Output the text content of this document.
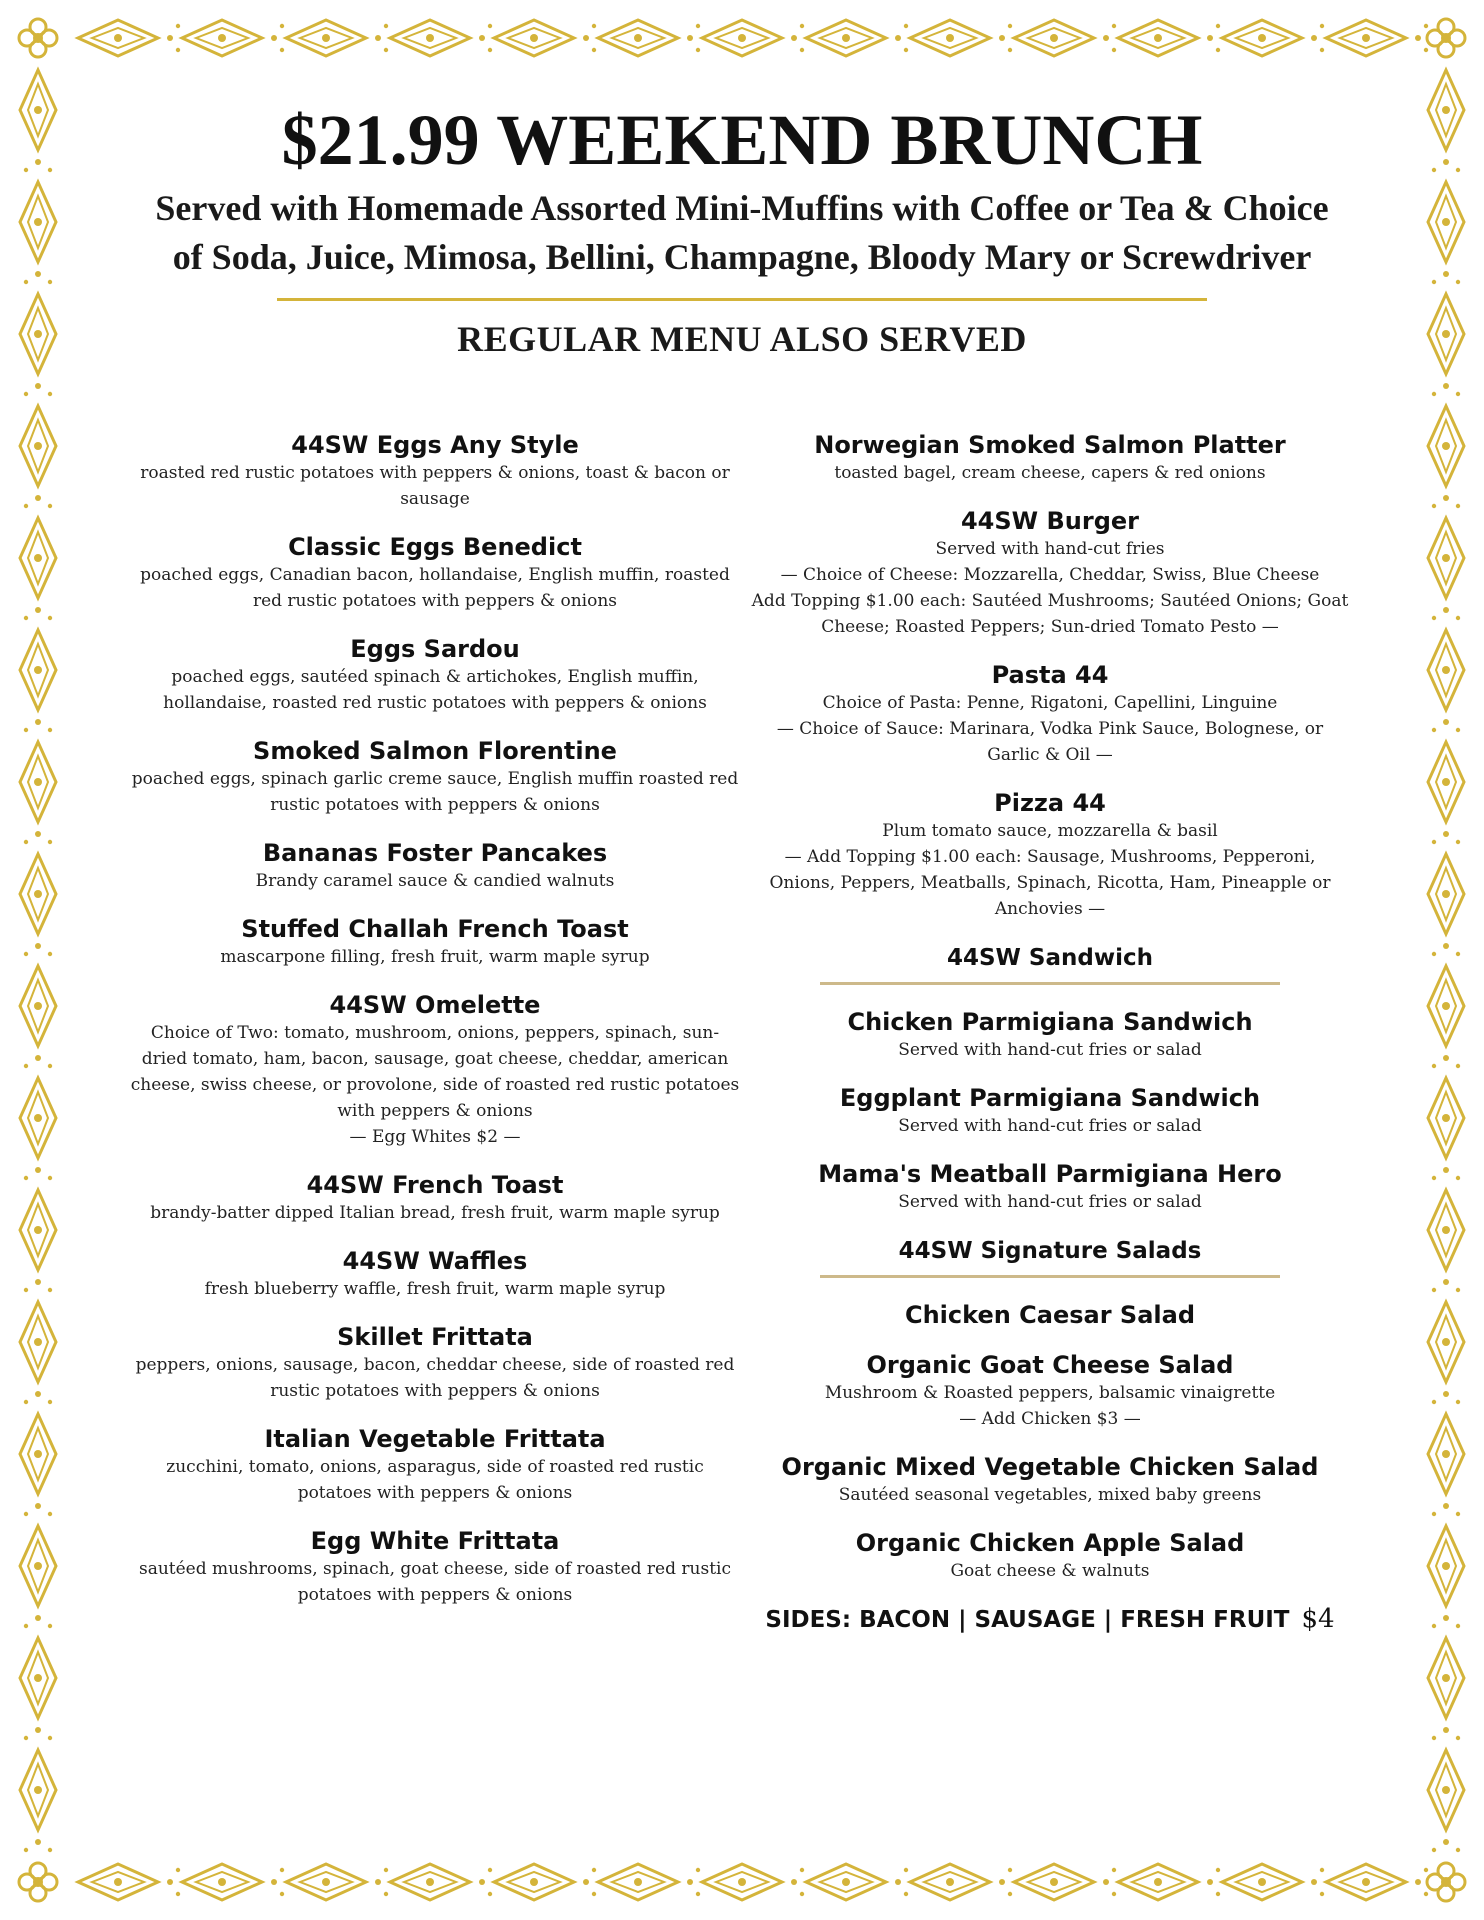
$21.99 WEEKEND BRUNCH
Served with Homemade Assorted Mini-Muffins with Coffee or Tea & Choice of Soda, Juice, Mimosa, Bellini, Champagne, Bloody Mary or Screwdriver
REGULAR MENU ALSO SERVED
44SW Eggs Any Style
roasted red rustic potatoes with peppers & onions, toast & bacon or sausage
Classic Eggs Benedict
poached eggs, Canadian bacon, hollandaise, English muffin, roasted red rustic potatoes with peppers & onions
Eggs Sardou
poached eggs, sautéed spinach & artichokes, English muffin, hollandaise, roasted red rustic potatoes with peppers & onions
Smoked Salmon Florentine
poached eggs, spinach garlic creme sauce, English muffin roasted red rustic potatoes with peppers & onions
Bananas Foster Pancakes
Brandy caramel sauce & candied walnuts
Stuffed Challah French Toast
mascarpone filling, fresh fruit, warm maple syrup
44SW Omelette
Choice of Two: tomato, mushroom, onions, peppers, spinach, sun-dried tomato, ham, bacon, sausage, goat cheese, cheddar, american cheese, swiss cheese, or provolone, side of roasted red rustic potatoes with peppers & onions
— Egg Whites $2 —
44SW French Toast
brandy-batter dipped Italian bread, fresh fruit, warm maple syrup
44SW Waffles
fresh blueberry waffle, fresh fruit, warm maple syrup
Skillet Frittata
peppers, onions, sausage, bacon, cheddar cheese, side of roasted red rustic potatoes with peppers & onions
Italian Vegetable Frittata
zucchini, tomato, onions, asparagus, side of roasted red rustic potatoes with peppers & onions
Egg White Frittata
sautéed mushrooms, spinach, goat cheese, side of roasted red rustic potatoes with peppers & onions
Norwegian Smoked Salmon Platter
toasted bagel, cream cheese, capers & red onions
44SW Burger
Served with hand-cut fries
— Choice of Cheese: Mozzarella, Cheddar, Swiss, Blue Cheese
Add Topping $1.00 each: Sautéed Mushrooms; Sautéed Onions; Goat Cheese; Roasted Peppers; Sun-dried Tomato Pesto —
Pasta 44
Choice of Pasta: Penne, Rigatoni, Capellini, Linguine
— Choice of Sauce: Marinara, Vodka Pink Sauce, Bolognese, or Garlic & Oil —
Pizza 44
Plum tomato sauce, mozzarella & basil
— Add Topping $1.00 each: Sausage, Mushrooms, Pepperoni, Onions, Peppers, Meatballs, Spinach, Ricotta, Ham, Pineapple or Anchovies —
44SW Sandwich
Chicken Parmigiana Sandwich
Served with hand-cut fries or salad
Eggplant Parmigiana Sandwich
Served with hand-cut fries or salad
Mama's Meatball Parmigiana Hero
Served with hand-cut fries or salad
44SW Signature Salads
Chicken Caesar Salad
Organic Goat Cheese Salad
Mushroom & Roasted peppers, balsamic vinaigrette
— Add Chicken $3 —
Organic Mixed Vegetable Chicken Salad
Sautéed seasonal vegetables, mixed baby greens
Organic Chicken Apple Salad
Goat cheese & walnuts
SIDES: BACON | SAUSAGE | FRESH FRUIT $4
